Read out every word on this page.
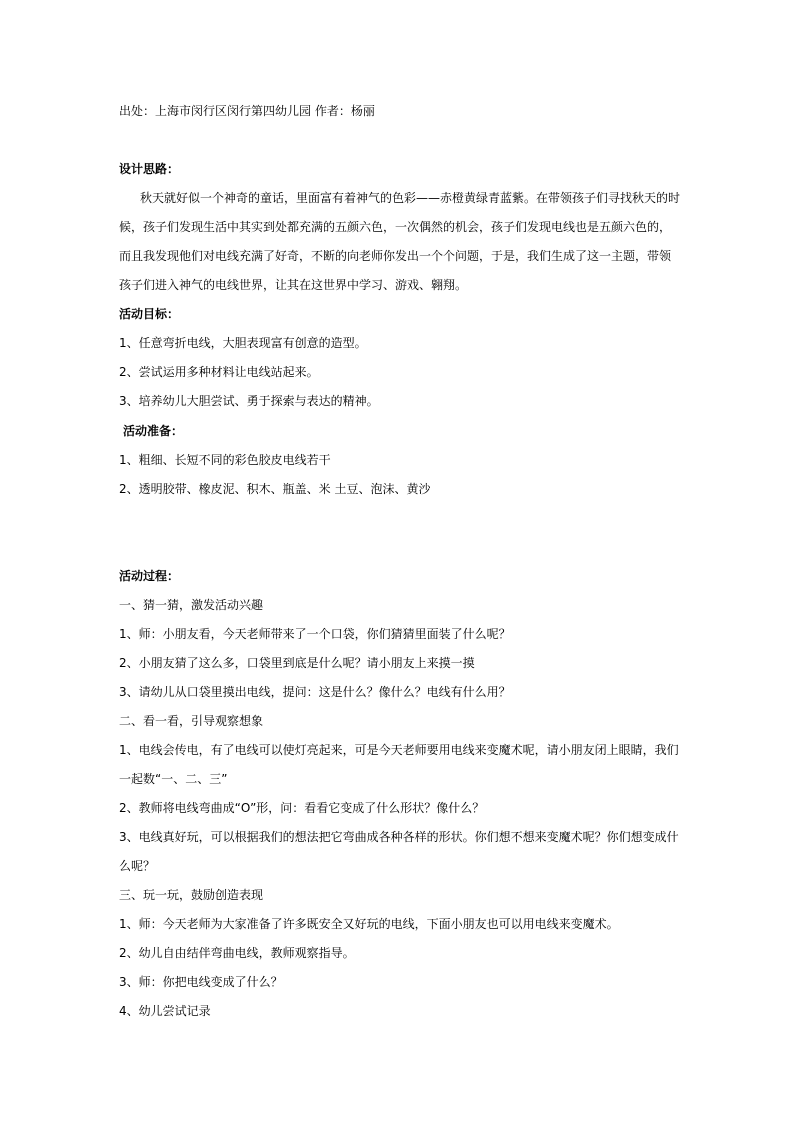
出处：上海市闵行区闵行第四幼儿园 作者：杨丽
设计思路：
秋天就好似一个神奇的童话，里面富有着神气的色彩——赤橙黄绿青蓝紫。在带领孩子们寻找秋天的时
候，孩子们发现生活中其实到处都充满的五颜六色，一次偶然的机会，孩子们发现电线也是五颜六色的，
而且我发现他们对电线充满了好奇，不断的向老师你发出一个个问题，于是，我们生成了这一主题，带领
孩子们进入神气的电线世界，让其在这世界中学习、游戏、翱翔。
活动目标：
1、任意弯折电线，大胆表现富有创意的造型。
2、尝试运用多种材料让电线站起来。
3、培养幼儿大胆尝试、勇于探索与表达的精神。
活动准备：
1、粗细、长短不同的彩色胶皮电线若干
2、透明胶带、橡皮泥、积木、瓶盖、米 土豆、泡沫、黄沙
活动过程：
一、猜一猜，激发活动兴趣
1、师：小朋友看，今天老师带来了一个口袋，你们猜猜里面装了什么呢？
2、小朋友猜了这么多，口袋里到底是什么呢？请小朋友上来摸一摸
3、请幼儿从口袋里摸出电线，提问：这是什么？像什么？电线有什么用？
二、看一看，引导观察想象
1、电线会传电，有了电线可以使灯亮起来，可是今天老师要用电线来变魔术呢，请小朋友闭上眼睛，我们
一起数“一、二、三”
2、教师将电线弯曲成“O”形，问：看看它变成了什么形状？像什么？
3、电线真好玩，可以根据我们的想法把它弯曲成各种各样的形状。你们想不想来变魔术呢？你们想变成什
么呢？
三、玩一玩，鼓励创造表现
1、师：今天老师为大家准备了许多既安全又好玩的电线，下面小朋友也可以用电线来变魔术。
2、幼儿自由结伴弯曲电线，教师观察指导。
3、师：你把电线变成了什么？
4、幼儿尝试记录
